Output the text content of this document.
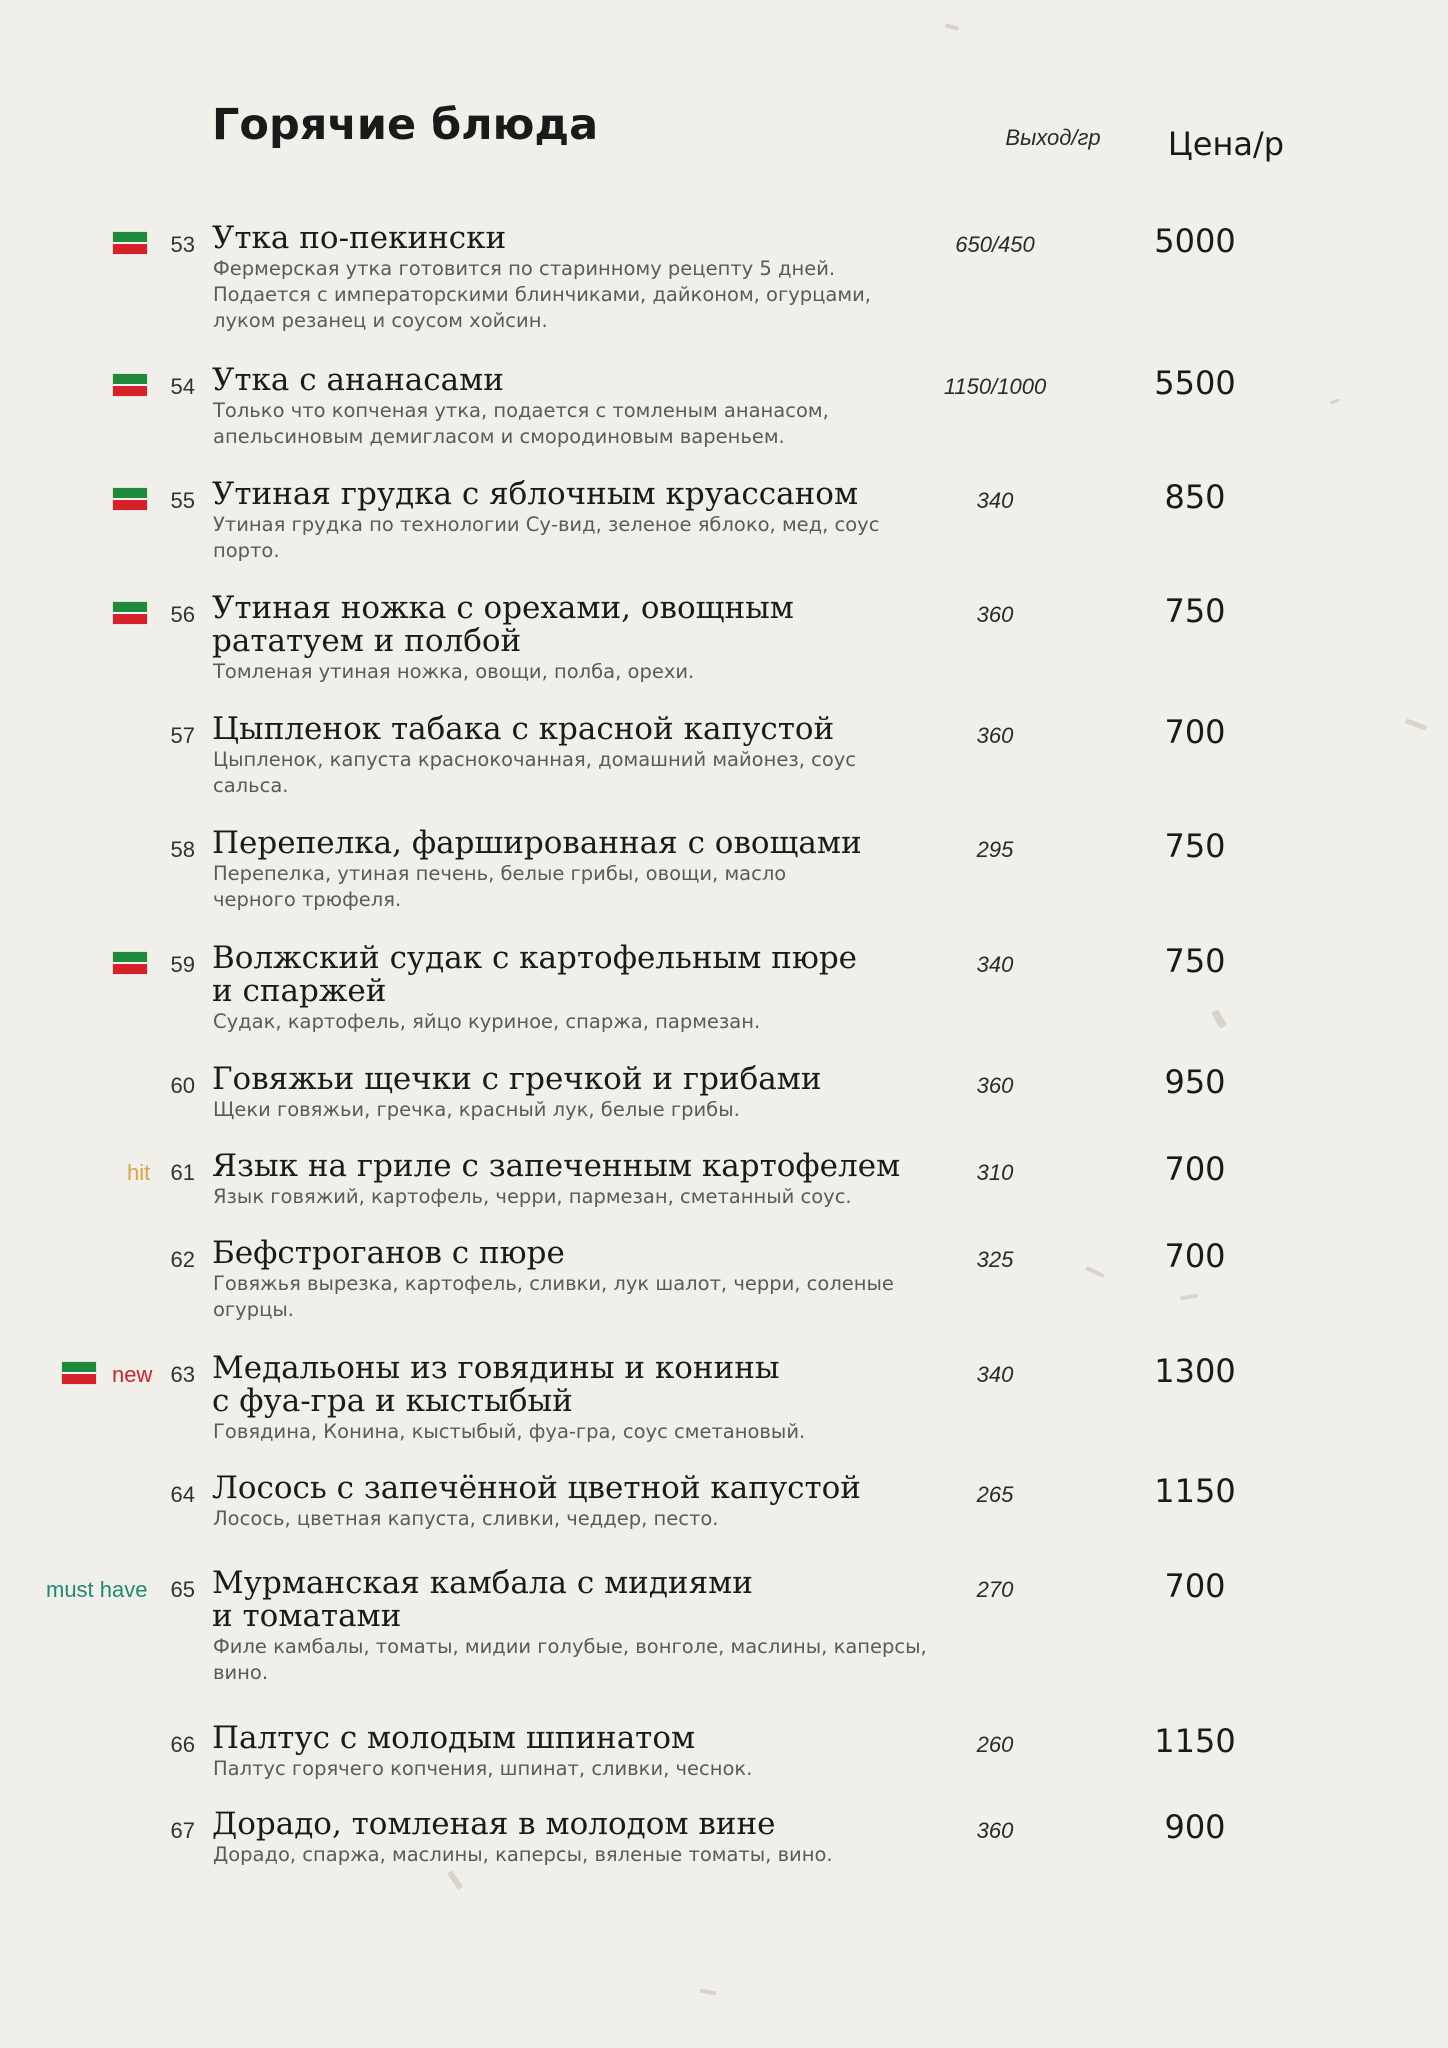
Горячие блюда	Выход/гр	Цена/р
53 Утка по-пекински
Фермерская утка готовится по старинному рецепту 5 дней.
Подается с императорскими блинчиками, дайконом, огурцами,
луком резанец и соусом хойсин.
650/450	5000
54 Утка с ананасами
Только что копченая утка, подается с томленым ананасом,
апельсиновым демигласом и смородиновым вареньем.
1150/1000	5500
55 Утиная грудка с яблочным круассаном
Утиная грудка по технологии Су-вид, зеленое яблоко, мед, соус
порто.
340	850
56 Утиная ножка с орехами, овощным
рататуем и полбой
Томленая утиная ножка, овощи, полба, орехи.
360	750
57 Цыпленок табака с красной капустой
Цыпленок, капуста краснокочанная, домашний майонез, соус
сальса.
360	700
58 Перепелка, фаршированная с овощами
Перепелка, утиная печень, белые грибы, овощи, масло
черного трюфеля.
295	750
59 Волжский судак с картофельным пюре
и спаржей
Судак, картофель, яйцо куриное, спаржа, пармезан.
340	750
60 Говяжьи щечки с гречкой и грибами
Щеки говяжьи, гречка, красный лук, белые грибы.
360	950
hit 61 Язык на гриле с запеченным картофелем
Язык говяжий, картофель, черри, пармезан, сметанный соус.
310	700
62 Бефстроганов с пюре
Говяжья вырезка, картофель, сливки, лук шалот, черри, соленые
огурцы.
325	700
new 63 Медальоны из говядины и конины
с фуа-гра и кыстыбый
Говядина, Конина, кыстыбый, фуа-гра, соус сметановый.
340	1300
64 Лосось с запечённой цветной капустой
Лосось, цветная капуста, сливки, чеддер, песто.
265	1150
must have	65 Мурманская камбала с мидиями
и томатами
Филе камбалы, томаты, мидии голубые, вонголе, маслины, каперсы,
вино.
270	700
66 Палтус с молодым шпинатом
Палтус горячего копчения, шпинат, сливки, чеснок.
260	1150
67 Дорадо, томленая в молодом вине
Дорадо, спаржа, маслины, каперсы, вяленые томаты, вино.
360	900
